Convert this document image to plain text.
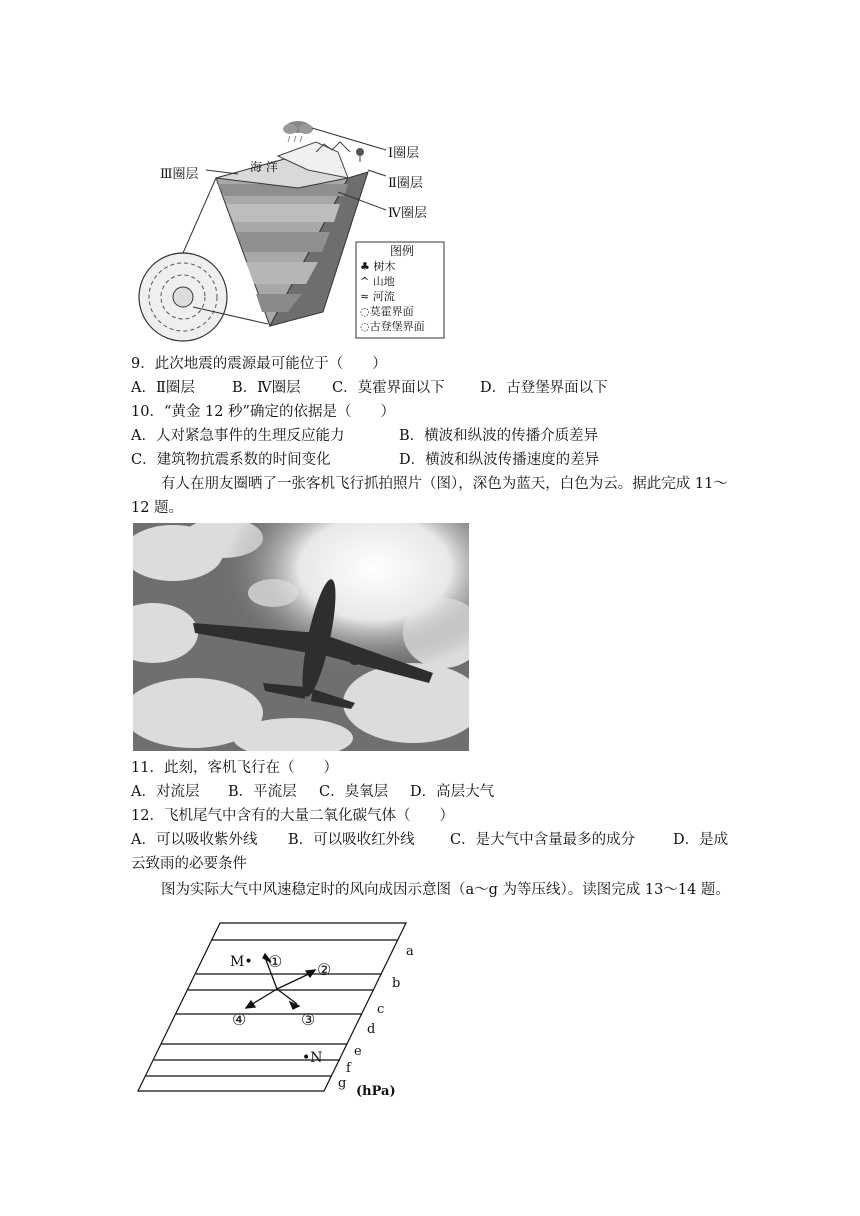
Ⅰ圈层
Ⅱ圈层
Ⅲ圈层
Ⅳ圈层
海 洋
图例
♣ 树木
^ 山地
≈ 河流
◌莫霍界面
◌古登堡界面
9．此次地震的震源最可能位于（　　）
A．Ⅱ圈层	B．Ⅳ圈层 C．莫霍界面以下 D．古登堡界面以下
10．“黄金 12 秒”确定的依据是（　　）
A．人对紧急事件的生理反应能力	B．横波和纵波的传播介质差异
C．建筑物抗震系数的时间变化	D．横波和纵波传播速度的差异
有人在朋友圈晒了一张客机飞行抓拍照片（图），深色为蓝天，白色为云。据此完成 11～12 题。
11．此刻，客机飞行在（　　）
A．对流层 B．平流层 C．臭氧层 D．高层大气
12．飞机尾气中含有的大量二氧化碳气体（　　）
A．可以吸收紫外线 B．可以吸收红外线 C．是大气中含量最多的成分	D．是成
云致雨的必要条件
图为实际大气中风速稳定时的风向成因示意图（a～g 为等压线）。读图完成 13～14 题。
M•
•N
① ②
③
④
a
b
c
d
e
f
g
(hPa)
